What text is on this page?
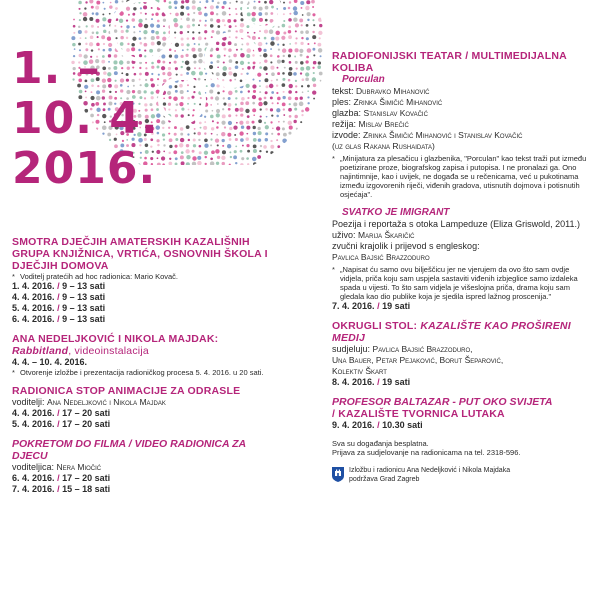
1. –
10. 4.
2016.
SMOTRA DJEČJIH AMATERSKIH KAZALIŠNIH GRUPA KNJIŽNICA, VRTIĆA, OSNOVNIH ŠKOLA I DJEČJIH DOMOVA
* Voditelj pratećih ad hoc radionica: Mario Kovač.
1. 4. 2016. / 9 – 13 sati
4. 4. 2016. / 9 – 13 sati
5. 4. 2016. / 9 – 13 sati
6. 4. 2016. / 9 – 13 sati
ANA NEDELJKOVIĆ I NIKOLA MAJDAK:
Rabbitland, videoinstalacija
4. 4. – 10. 4. 2016.
* Otvorenje izložbe i prezentacija radioničkog procesa 5. 4. 2016. u 20 sati.
RADIONICA STOP ANIMACIJE ZA ODRASLE
voditelji: Ana Nedeljković i Nikola Majdak
4. 4. 2016. / 17 – 20 sati
5. 4. 2016. / 17 – 20 sati
POKRETOM DO FILMA / VIDEO RADIONICA ZA DJECU
voditeljica: Nera Miočić
6. 4. 2016. / 17 – 20 sati
7. 4. 2016. / 15 – 18 sati
RADIOFONIJSKI TEATAR / MULTIMEDIJALNA KOLIBA
Porculan
tekst: Dubravko Mihanović
ples: Zrinka Šimičić Mihanović
glazba: Stanislav Kovačić
režija: Mislav Brečić
izvode: Zrinka Šimičić Mihanović i Stanislav Kovačić
(uz glas Rakana Rushaidata)
* „Minijatura za plesačicu i glazbenika, "Porculan" kao tekst traži put između poetizirane proze, biografskog zapisa i putopisa. I ne pronalazi ga. Ono najintimnije, kao i uvijek, ne događa se u rečenicama, već u pukotinama između izgovorenih riječi, viđenih gradova, utisnutih dojmova i potisnutih osjećaja".
SVATKO JE IMIGRANT
Poezija i reportaža s otoka Lampeduze (Eliza Griswold, 2011.)
uživo: Marija Škaričić
zvučni krajolik i prijevod s engleskog:
Pavlica Bajsić Brazzoduro
* „Napisat ću samo ovu bilješčicu jer ne vjerujem da ovo što sam ovdje vidjela, priča koju sam uspjela sastaviti viđenih izbjeglice samo izdaleka spada u vijesti. To što sam vidjela je višeslojna priča, drama koju sam gledala kao dio publike koja je sjedila ispred lažnog proscenija."
7. 4. 2016. / 19 sati
OKRUGLI STOL: KAZALIŠTE KAO PROŠIRENI MEDIJ
sudjeluju: Pavlica Bajsić Brazzoduro,
Una Bauer, Petar Pejaković, Borut Šeparović,
Kolektiv Škart
8. 4. 2016. / 19 sati
PROFESOR BALTAZAR - PUT OKO SVIJETA
/ KAZALIŠTE TVORNICA LUTAKA
9. 4. 2016. / 10.30 sati
Sva su događanja besplatna.
Prijava za sudjelovanje na radionicama na tel. 2318-596.
Izložbu i radionicu Ana Nedeljković i Nikola Majdaka podržava Grad Zagreb
